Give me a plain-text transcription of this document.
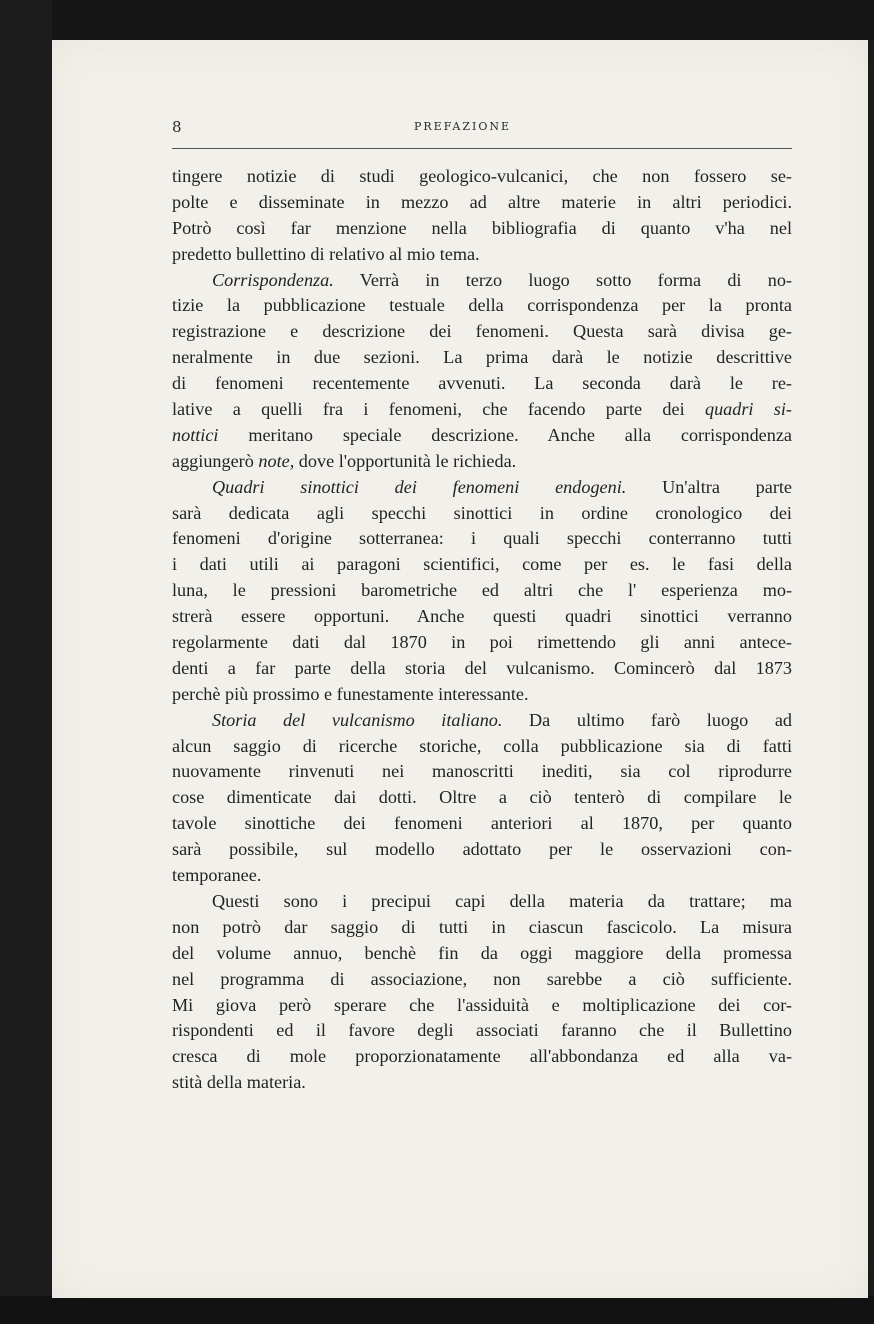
8	PREFAZIONE
tingere notizie di studi geologico-vulcanici, che non fossero se-
polte e disseminate in mezzo ad altre materie in altri periodici.
Potrò così far menzione nella bibliografia di quanto v'ha nel
predetto bullettino di relativo al mio tema.
Corrispondenza. Verrà in terzo luogo sotto forma di no-
tizie la pubblicazione testuale della corrispondenza per la pronta
registrazione e descrizione dei fenomeni. Questa sarà divisa ge-
neralmente in due sezioni. La prima darà le notizie descrittive
di fenomeni recentemente avvenuti. La seconda darà le re-
lative a quelli fra i fenomeni, che facendo parte dei quadri si-
nottici meritano speciale descrizione. Anche alla corrispondenza
aggiungerò note, dove l'opportunità le richieda.
Quadri sinottici dei fenomeni endogeni. Un'altra parte
sarà dedicata agli specchi sinottici in ordine cronologico dei
fenomeni d'origine sotterranea: i quali specchi conterranno tutti
i dati utili ai paragoni scientifici, come per es. le fasi della
luna, le pressioni barometriche ed altri che l' esperienza mo-
strerà essere opportuni. Anche questi quadri sinottici verranno
regolarmente dati dal 1870 in poi rimettendo gli anni antece-
denti a far parte della storia del vulcanismo. Comincerò dal 1873
perchè più prossimo e funestamente interessante.
Storia del vulcanismo italiano. Da ultimo farò luogo ad
alcun saggio di ricerche storiche, colla pubblicazione sia di fatti
nuovamente rinvenuti nei manoscritti inediti, sia col riprodurre
cose dimenticate dai dotti. Oltre a ciò tenterò di compilare le
tavole sinottiche dei fenomeni anteriori al 1870, per quanto
sarà possibile, sul modello adottato per le osservazioni con-
temporanee.
Questi sono i precipui capi della materia da trattare; ma
non potrò dar saggio di tutti in ciascun fascicolo. La misura
del volume annuo, benchè fin da oggi maggiore della promessa
nel programma di associazione, non sarebbe a ciò sufficiente.
Mi giova però sperare che l'assiduità e moltiplicazione dei cor-
rispondenti ed il favore degli associati faranno che il Bullettino
cresca di mole proporzionatamente all'abbondanza ed alla va-
stità della materia.
